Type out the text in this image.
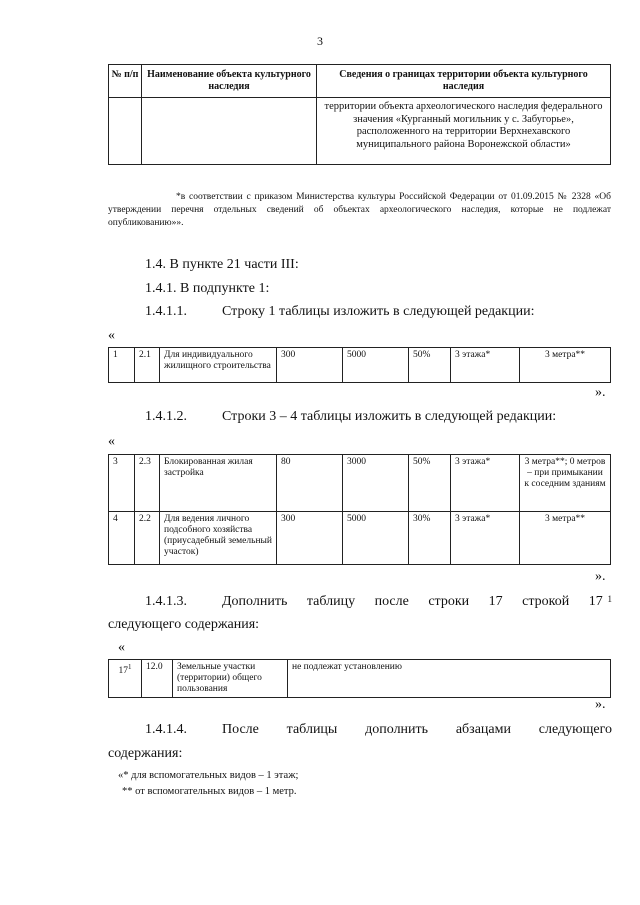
3
№ п/п	Наименование объекта культурного наследия	Сведения о границах территории объекта культурного наследия
		территории объекта археологического наследия федерального значения «Курганный могильник у с. Забугорье», расположенного на территории Верхнехавского муниципального района Воронежской области»
*в соответствии с приказом Министерства культуры Российской Федерации от 01.09.2015 № 2328 «Об утверждении перечня отдельных сведений об объектах археологического наследия, которые не подлежат опубликованию»».
1.4. В пункте 21 части III:
1.4.1. В подпункте 1:
1.4.1.1.	Строку 1 таблицы изложить в следующей редакции:
«
1	2.1	Для индивидуального жилищного строительства	300	5000	50%	3 этажа*	3 метра**
».
1.4.1.2.	Строки 3 – 4 таблицы изложить в следующей редакции:
«
3	2.3	Блокированная жилая застройка	80	3000	50%	3 этажа*	3 метра**; 0 метров – при примыкании к соседним зданиям
4	2.2	Для ведения личного подсобного хозяйства (приусадебный земельный участок)	300	5000	30%	3 этажа*	3 метра**
».
1.4.1.3.	Дополнить таблицу после строки 17 строкой 17 1
следующего содержания:
«
$17^1$	12.0	Земельные участки (территории) общего пользования	не подлежат установлению
».
1.4.1.4.	После таблицы дополнить абзацами следующего
содержания:
«* для вспомогательных видов – 1 этаж;
** от вспомогательных видов – 1 метр.
